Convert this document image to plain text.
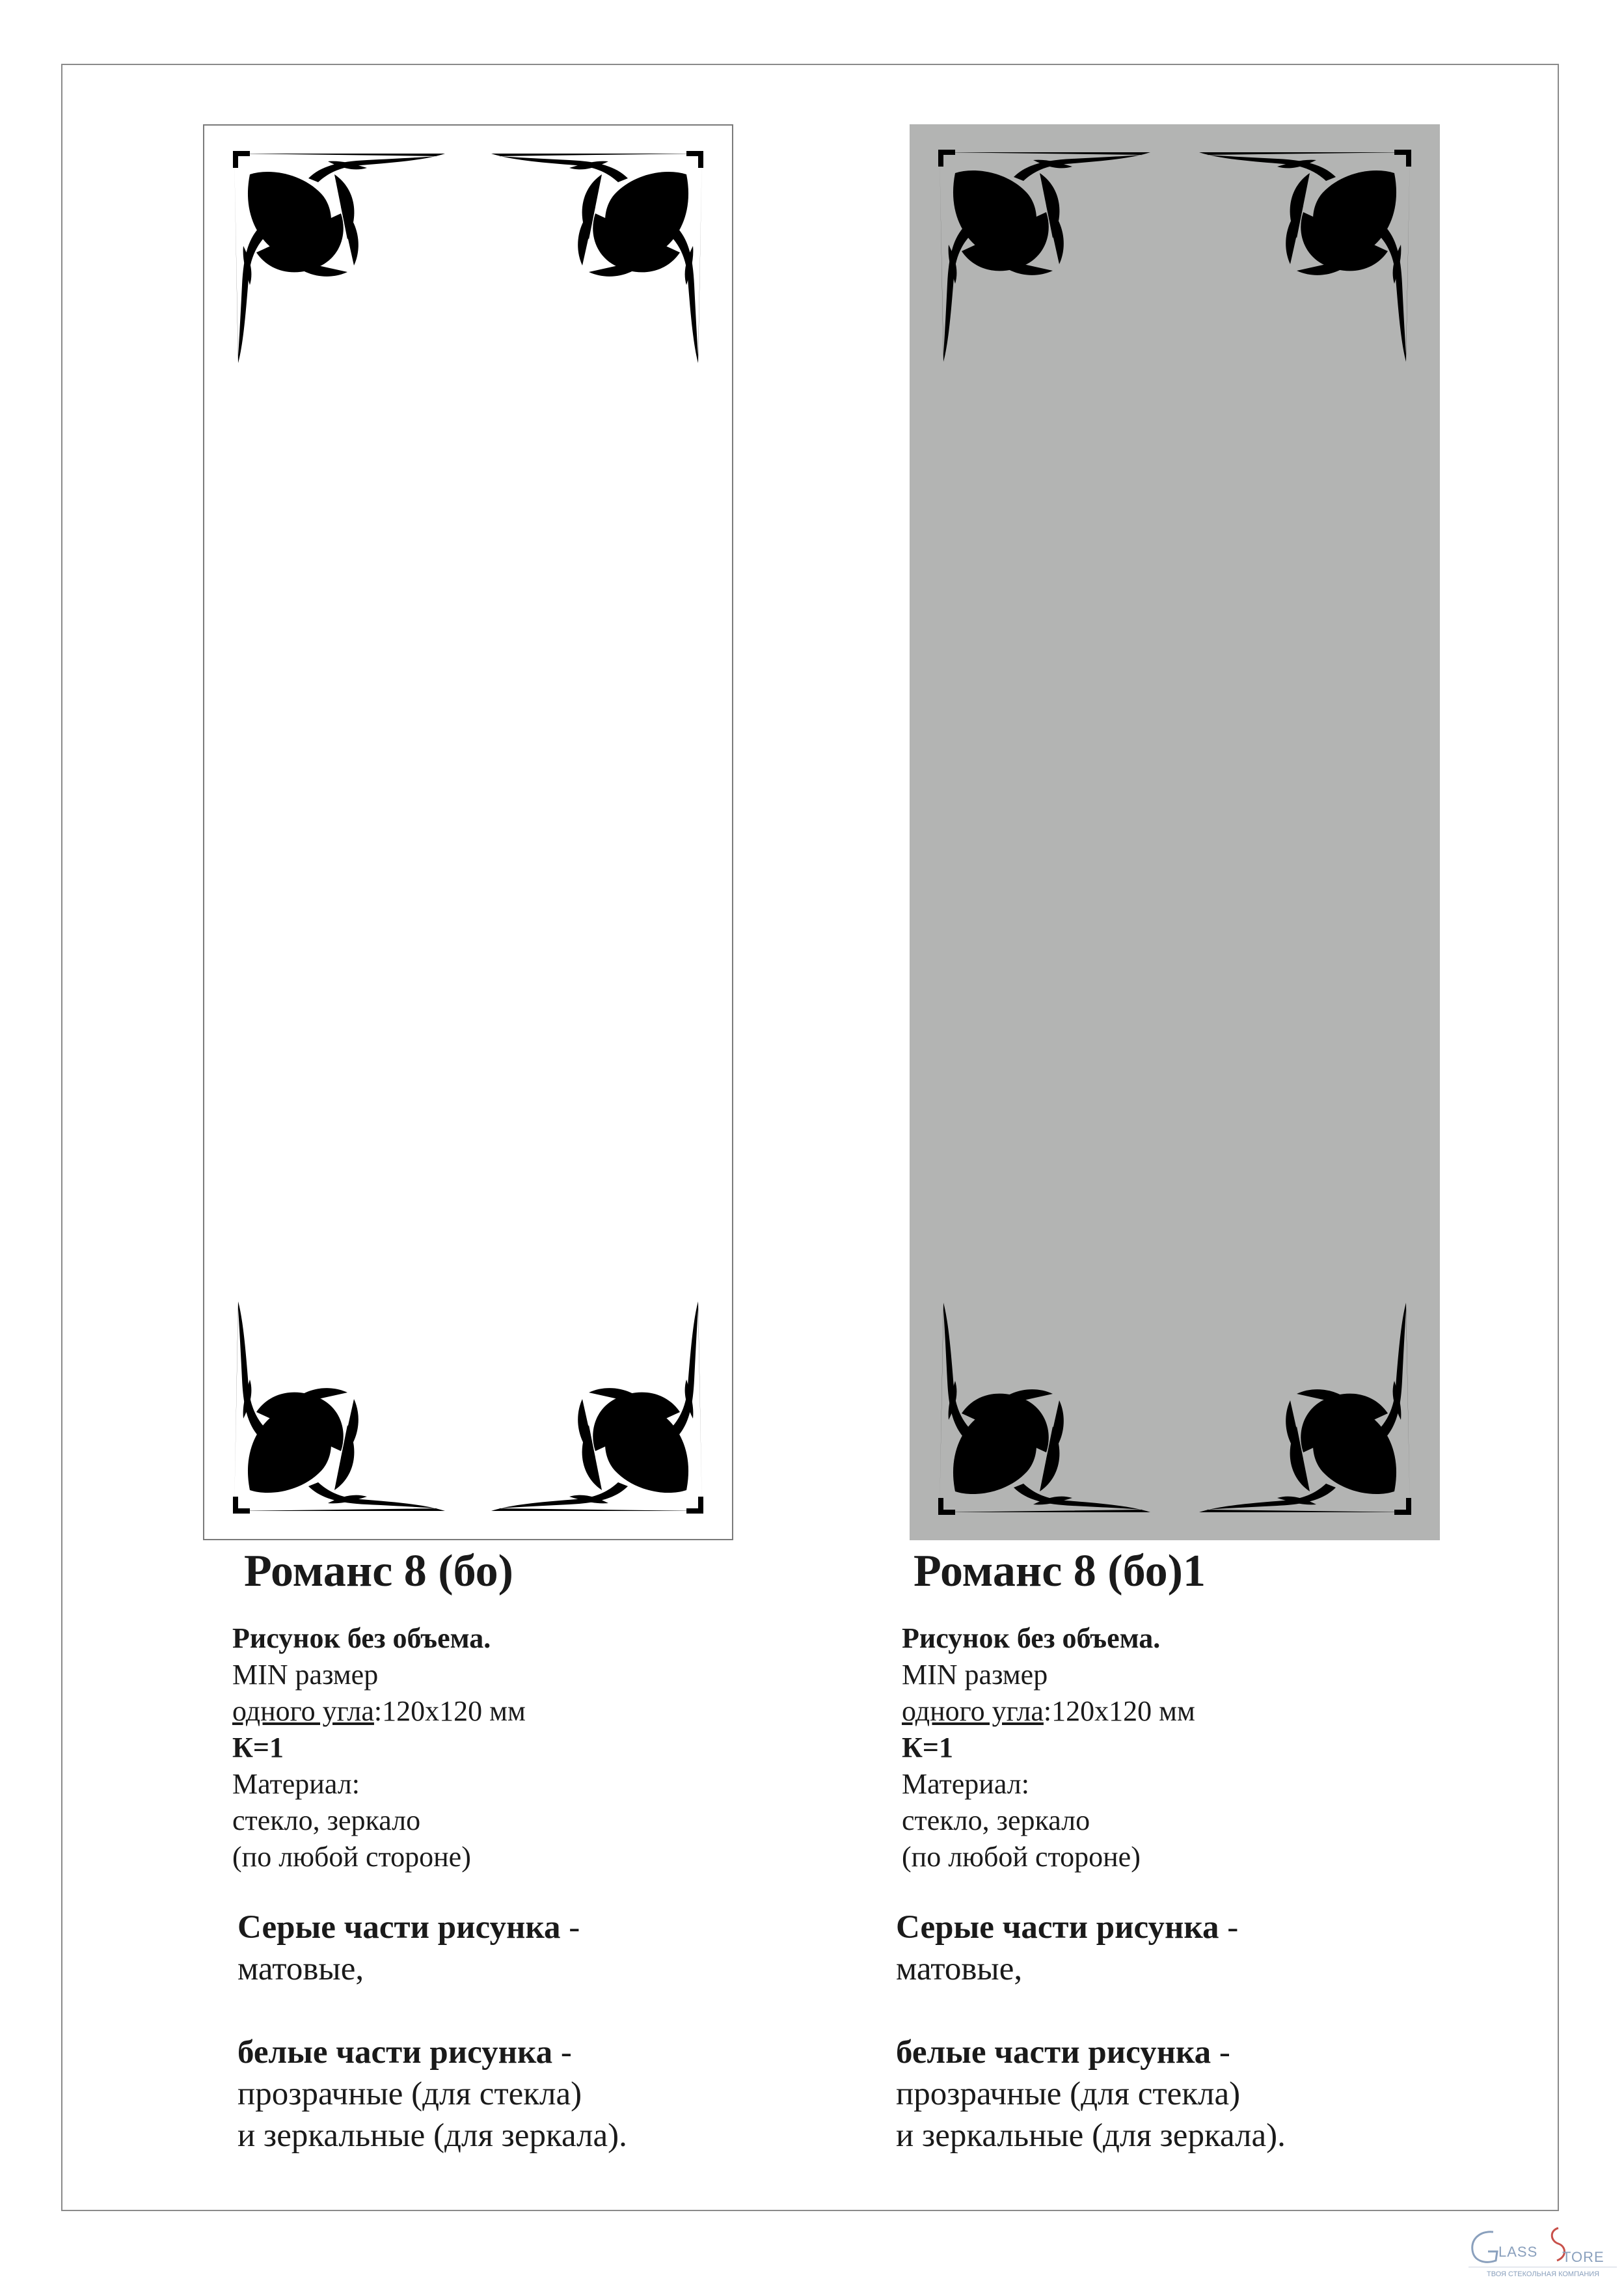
Романс 8 (бо)
Рисунок без объема.
MIN размер
одного угла:120х120 мм
К=1
Материал:
стекло, зеркало
(по любой стороне)
Серые части рисунка -
матовые,
белые части рисунка -
прозрачные (для стекла)
и зеркальные (для зеркала).
Романс 8 (бо)1
Рисунок без объема.
MIN размер
одного угла:120х120 мм
К=1
Материал:
стекло, зеркало
(по любой стороне)
Серые части рисунка -
матовые,
белые части рисунка -
прозрачные (для стекла)
и зеркальные (для зеркала).
LASS TORE
ТВОЯ СТЕКОЛЬНАЯ КОМПАНИЯ
